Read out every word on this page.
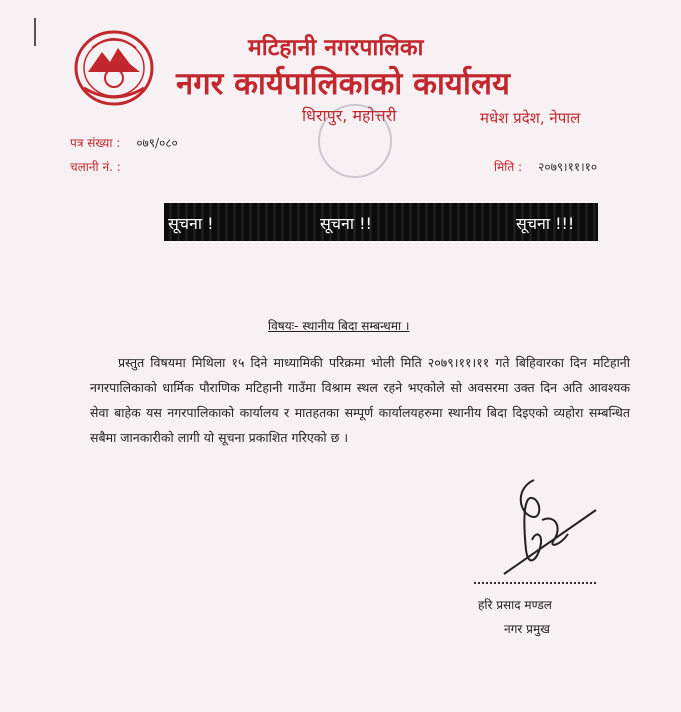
मटिहानी नगरपालिका
नगर कार्यपालिकाको कार्यालय
धिरापुर, महोत्तरी	मधेश प्रदेश, नेपाल
पत्र संख्या : ०७९/०८०
चलानी नं. :	मिति : २०७९।११।१०
सूचना !	सूचना !!	सूचना !!!
विषयः- स्थानीय बिदा सम्बन्धमा ।
प्रस्तुत विषयमा मिथिला १५ दिने माध्यामिकी परिक्रमा भोली मिति २०७९।११।११ गते बिहिवारका दिन मटिहानी नगरपालिकाको धार्मिक पौराणिक मटिहानी गाउँमा विश्राम स्थल रहने भएकोले सो अवसरमा उक्त दिन अति आवश्यक सेवा बाहेक यस नगरपालिकाको कार्यालय र मातहतका सम्पूर्ण कार्यालयहरुमा स्थानीय बिदा दिइएको व्यहोरा सम्बन्धित सबैमा जानकारीको लागी यो सूचना प्रकाशित गरिएको छ ।
हरि प्रसाद मण्डल
नगर प्रमुख
